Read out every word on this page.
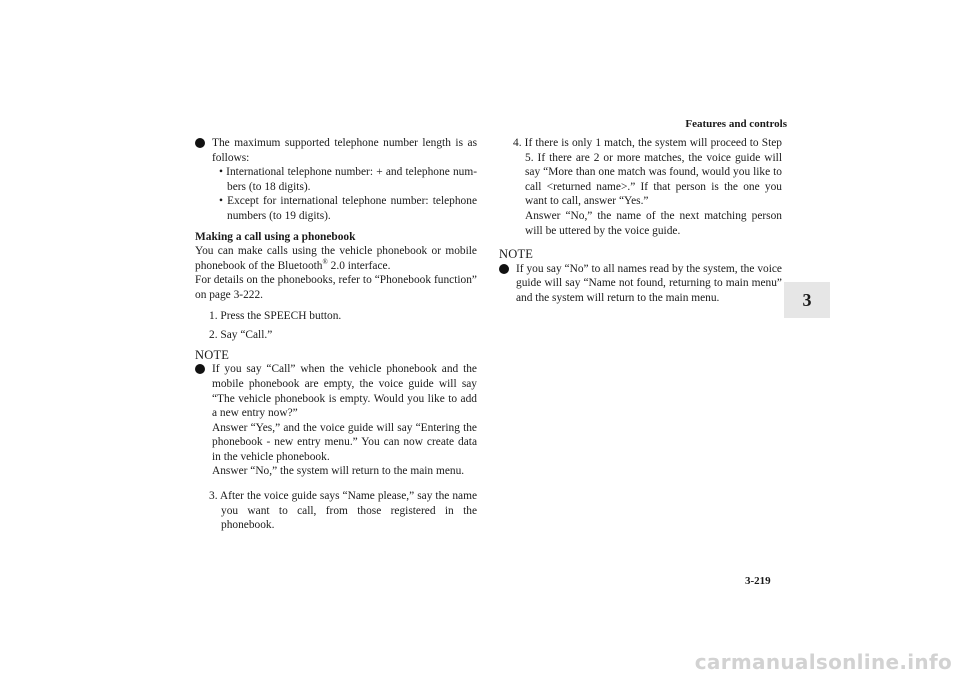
Features and controls
3

The maximum supported telephone number length is as follows:

• International telephone number: + and telephone num-bers (to 18 digits).

• Except for international telephone number: telephone numbers (to 19 digits).

Making a call using a phonebook

You can make calls using the vehicle phonebook or mobile phonebook of the Bluetooth® 2.0 interface.

For details on the phonebooks, refer to “Phonebook function” on page 3-222.

1. Press the SPEECH button.

2. Say “Call.”

NOTE

If you say “Call” when the vehicle phonebook and the mobile phonebook are empty, the voice guide will say “The vehicle phonebook is empty. Would you like to add a new entry now?”

Answer “Yes,” and the voice guide will say “Entering the phonebook - new entry menu.” You can now create data in the vehicle phonebook.

Answer “No,” the system will return to the main menu.

3. After the voice guide says “Name please,” say the name you want to call, from those registered in the phonebook.

4. If there is only 1 match, the system will proceed to Step 5. If there are 2 or more matches, the voice guide will say “More than one match was found, would you like to call <returned name>.” If that person is the one you want to call, answer “Yes.”

Answer “No,” the name of the next matching person will be uttered by the voice guide.

NOTE

If you say “No” to all names read by the system, the voice guide will say “Name not found, returning to main menu” and the system will return to the main menu.

3-219
carmanualsonline.info
